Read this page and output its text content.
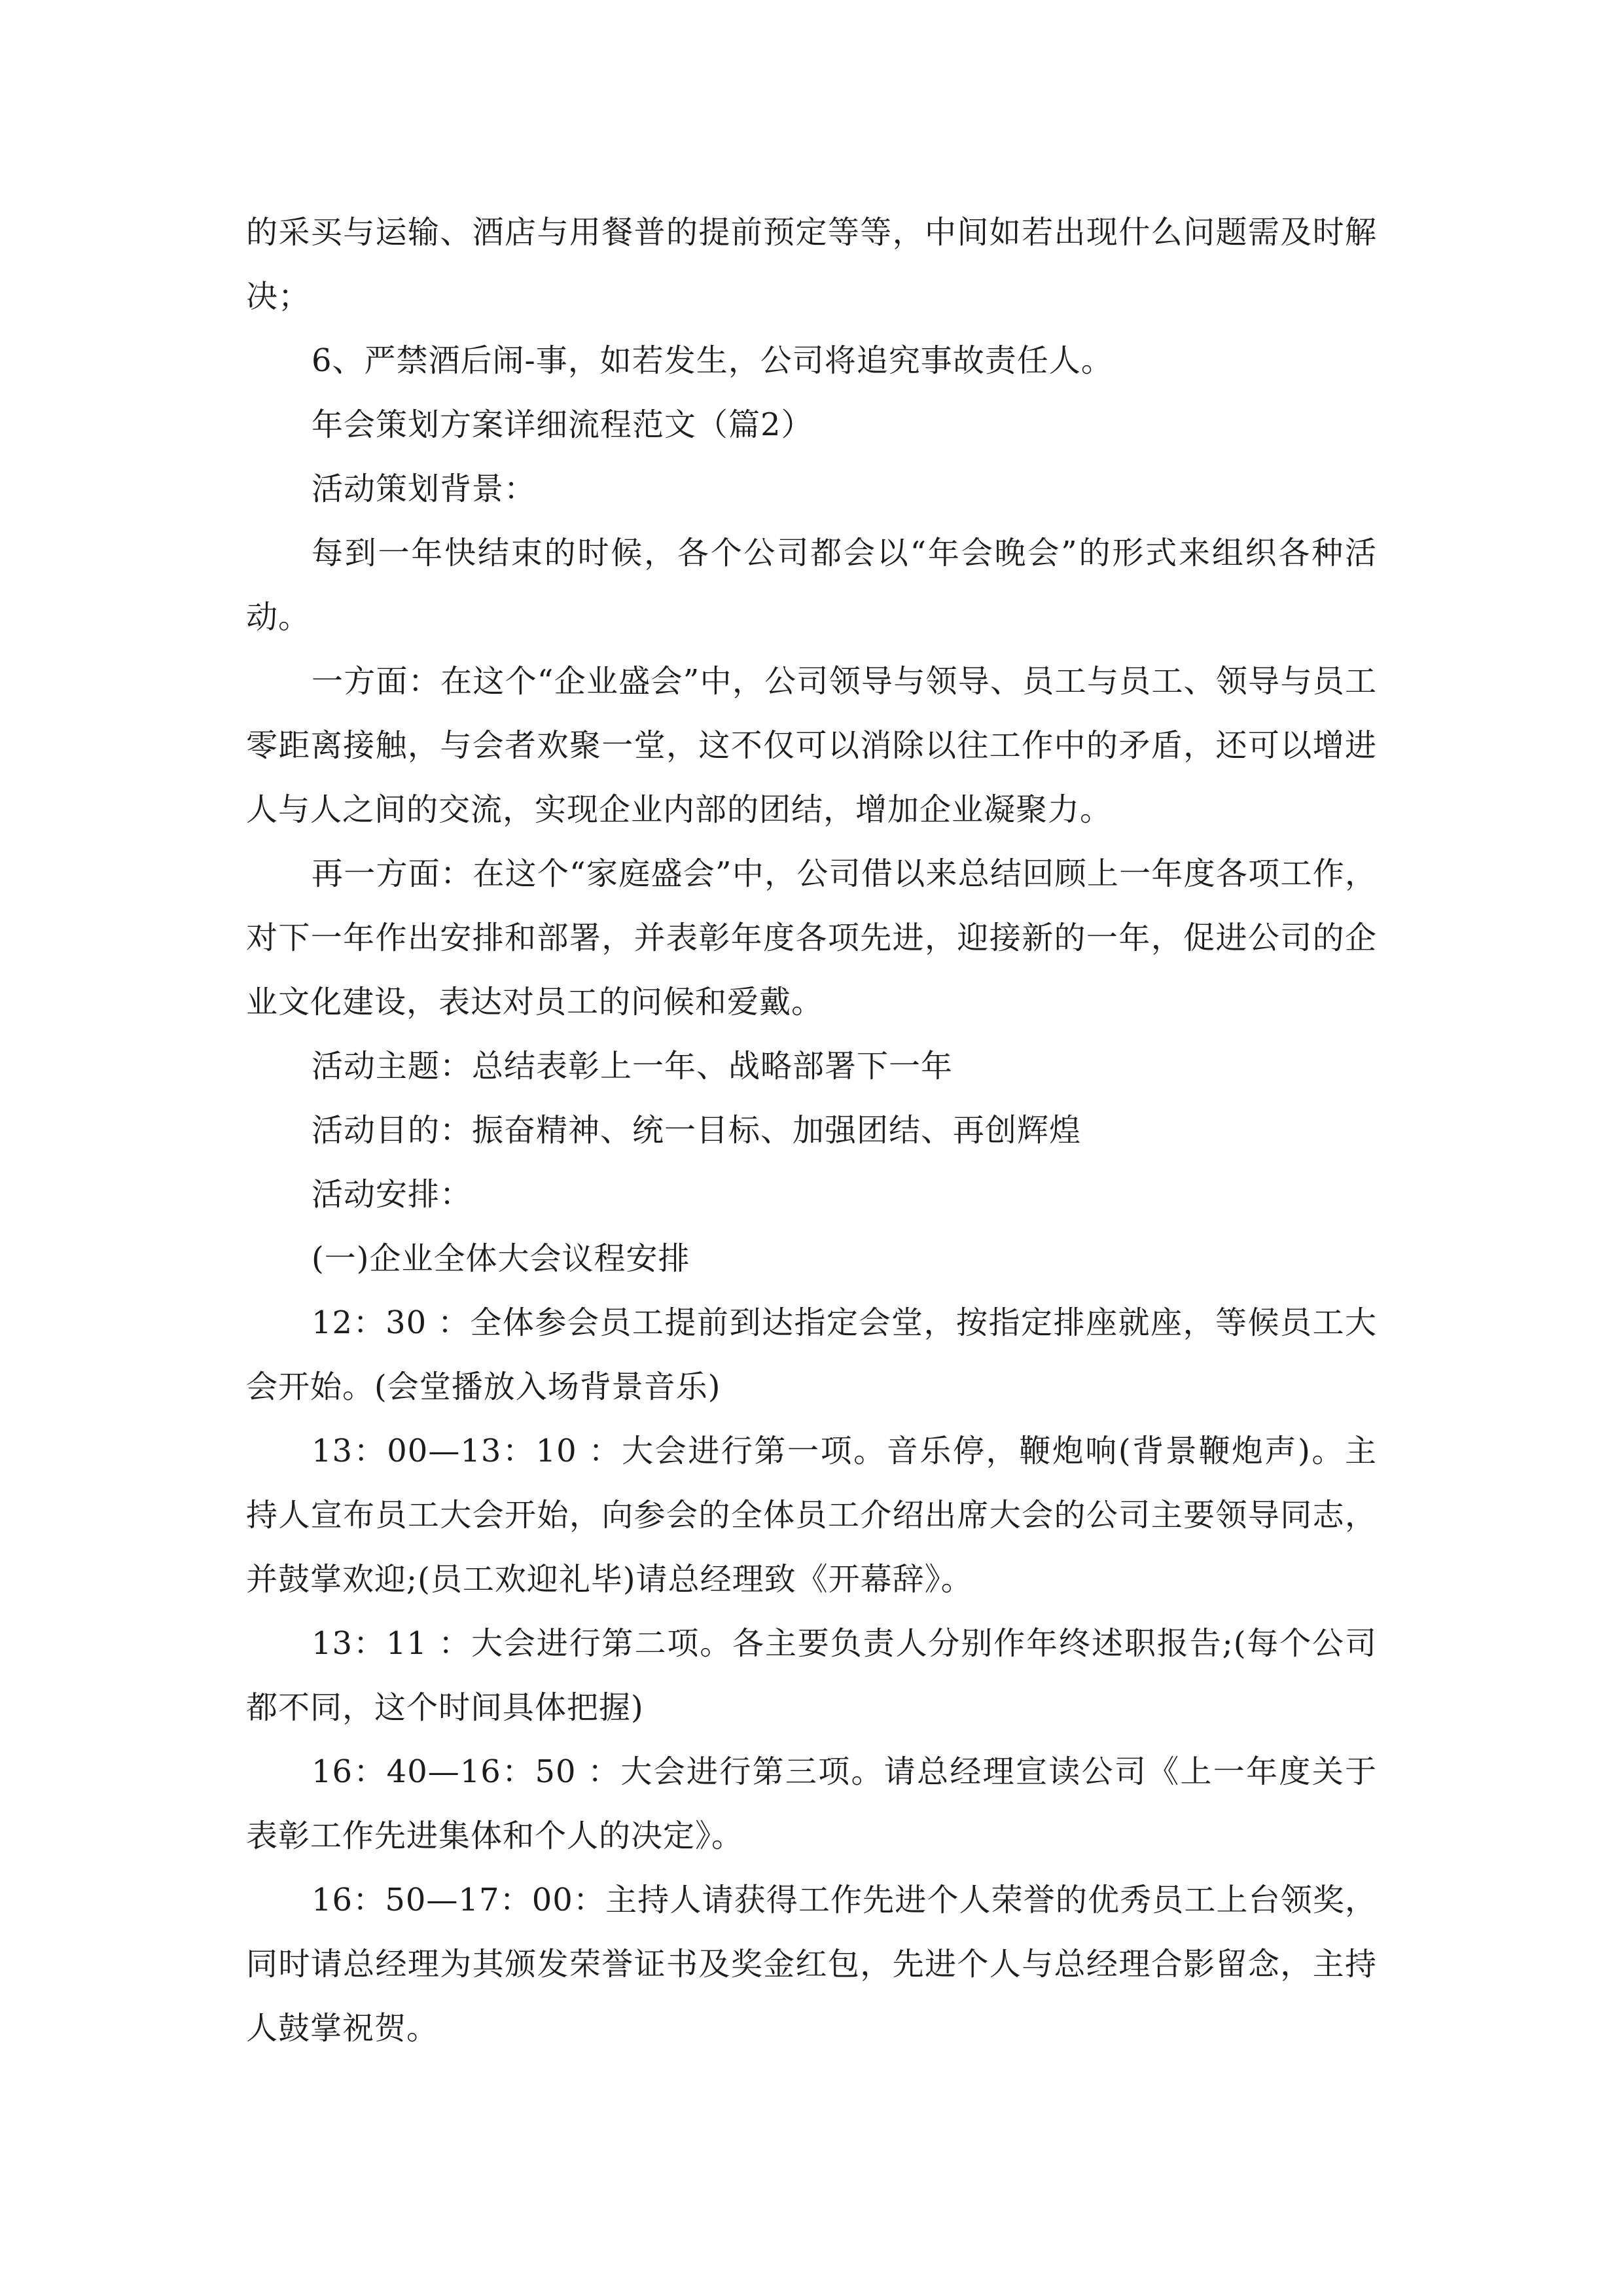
的采买与运输、酒店与用餐普的提前预定等等，中间如若出现什么问题需及时解决；

6、严禁酒后闹-事，如若发生，公司将追究事故责任人。

年会策划方案详细流程范文（篇2）

活动策划背景：

每到一年快结束的时候，各个公司都会以“年会晚会”的形式来组织各种活动。

一方面：在这个“企业盛会”中，公司领导与领导、员工与员工、领导与员工零距离接触，与会者欢聚一堂，这不仅可以消除以往工作中的矛盾，还可以增进人与人之间的交流，实现企业内部的团结，增加企业凝聚力。

再一方面：在这个“家庭盛会”中，公司借以来总结回顾上一年度各项工作，对下一年作出安排和部署，并表彰年度各项先进，迎接新的一年，促进公司的企业文化建设，表达对员工的问候和爱戴。

活动主题：总结表彰上一年、战略部署下一年

活动目的：振奋精神、统一目标、加强团结、再创辉煌

活动安排：

(一)企业全体大会议程安排

12：30 ：全体参会员工提前到达指定会堂，按指定排座就座，等候员工大会开始。(会堂播放入场背景音乐)

13：00—13：10 ：大会进行第一项。音乐停，鞭炮响(背景鞭炮声)。主持人宣布员工大会开始，向参会的全体员工介绍出席大会的公司主要领导同志，并鼓掌欢迎;(员工欢迎礼毕)请总经理致《开幕辞》。

13：11 ：大会进行第二项。各主要负责人分别作年终述职报告;(每个公司都不同，这个时间具体把握)

16：40—16：50 ：大会进行第三项。请总经理宣读公司《上一年度关于表彰工作先进集体和个人的决定》。

16：50—17：00：主持人请获得工作先进个人荣誉的优秀员工上台领奖，同时请总经理为其颁发荣誉证书及奖金红包，先进个人与总经理合影留念，主持人鼓掌祝贺。
